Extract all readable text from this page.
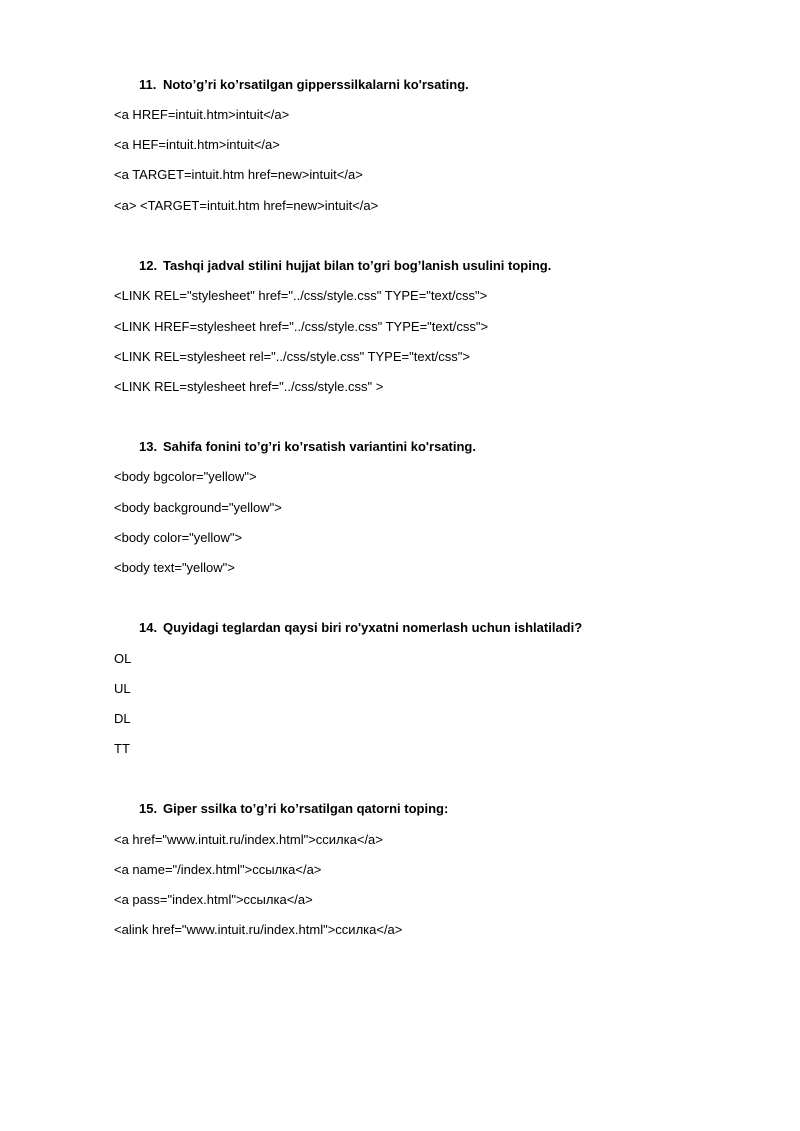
11. Noto’g’ri ko’rsatilgan gipperssilkalarni ko'rsating.
<a HREF=intuit.htm>intuit</a>
<a HEF=intuit.htm>intuit</a>
<a TARGET=intuit.htm href=new>intuit</a>
<a> <TARGET=intuit.htm href=new>intuit</a>
12. Tashqi jadval stilini hujjat bilan to’gri bog’lanish usulini toping.
<LINK REL="stylesheet" href="../css/style.css" TYPE="text/css">
<LINK HREF=stylesheet href="../css/style.css" TYPE="text/css">
<LINK REL=stylesheet rel="../css/style.css" TYPE="text/css">
<LINK REL=stylesheet href="../css/style.css" >
13. Sahifa fonini to’g’ri ko’rsatish variantini ko'rsating.
<body bgcolor="yellow">
<body background="yellow">
<body color="yellow">
<body text="yellow">
14. Quyidagi teglardan qaysi biri ro'yxatni nomerlash uchun ishlatiladi?
OL
UL
DL
TT
15. Giper ssilka to’g’ri ko’rsatilgan qatorni toping:
<a href="www.intuit.ru/index.html">ссилка</a>
<a name="/index.html">ссылка</a>
<a pass="index.html">ссылка</a>
<alink href="www.intuit.ru/index.html">ссилка</a>
